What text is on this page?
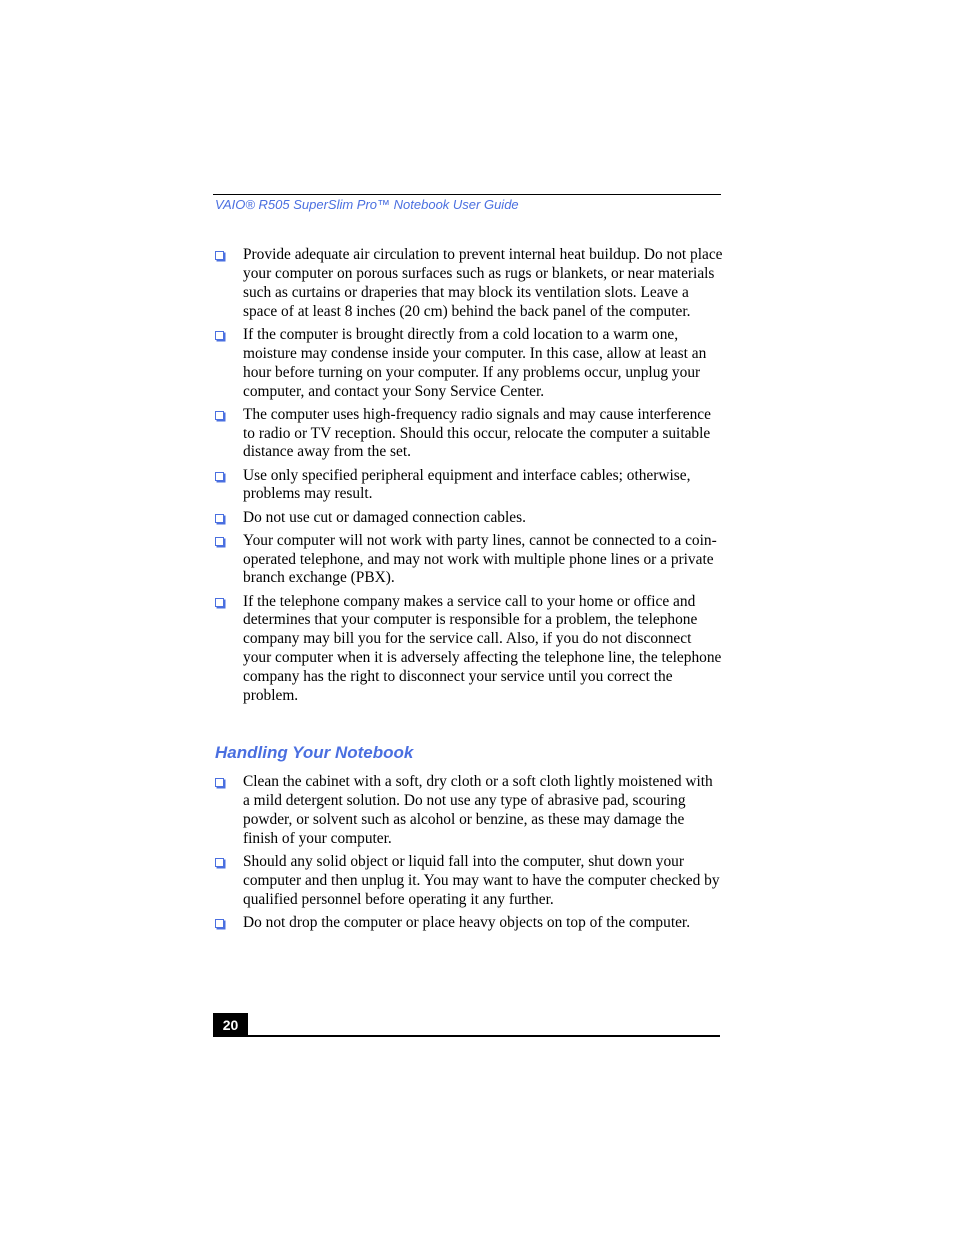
VAIO® R505 SuperSlim Pro™ Notebook User Guide
Provide adequate air circulation to prevent internal heat buildup. Do not place your computer on porous surfaces such as rugs or blankets, or near materials such as curtains or draperies that may block its ventilation slots. Leave a space of at least 8 inches (20 cm) behind the back panel of the computer.
If the computer is brought directly from a cold location to a warm one, moisture may condense inside your computer. In this case, allow at least an hour before turning on your computer. If any problems occur, unplug your computer, and contact your Sony Service Center.
The computer uses high-frequency radio signals and may cause interference to radio or TV reception. Should this occur, relocate the computer a suitable distance away from the set.
Use only specified peripheral equipment and interface cables; otherwise, problems may result.
Do not use cut or damaged connection cables.
Your computer will not work with party lines, cannot be connected to a coin-operated telephone, and may not work with multiple phone lines or a private branch exchange (PBX).
If the telephone company makes a service call to your home or office and determines that your computer is responsible for a problem, the telephone company may bill you for the service call. Also, if you do not disconnect your computer when it is adversely affecting the telephone line, the telephone company has the right to disconnect your service until you correct the problem.
Handling Your Notebook
Clean the cabinet with a soft, dry cloth or a soft cloth lightly moistened with a mild detergent solution. Do not use any type of abrasive pad, scouring powder, or solvent such as alcohol or benzine, as these may damage the finish of your computer.
Should any solid object or liquid fall into the computer, shut down your computer and then unplug it. You may want to have the computer checked by qualified personnel before operating it any further.
Do not drop the computer or place heavy objects on top of the computer.
20
